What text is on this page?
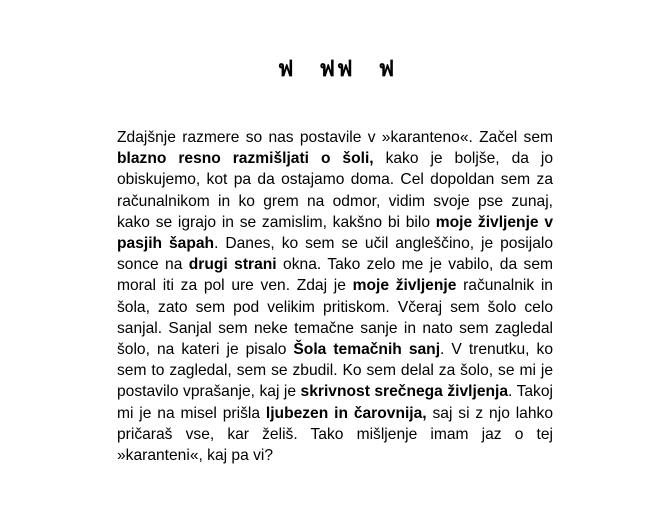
ฟ ฟฟ ฟ

Zdajšnje razmere so nas postavile v »karanteno«. Začel sem blazno resno razmišljati o šoli, kako je boljše, da jo obiskujemo, kot pa da ostajamo doma. Cel dopoldan sem za računalnikom in ko grem na odmor, vidim svoje pse zunaj, kako se igrajo in se zamislim, kakšno bi bilo moje življenje v pasjih šapah. Danes, ko sem se učil angleščino, je posijalo sonce na drugi strani okna. Tako zelo me je vabilo, da sem moral iti za pol ure ven. Zdaj je moje življenje računalnik in šola, zato sem pod velikim pritiskom. Včeraj sem šolo celo sanjal. Sanjal sem neke temačne sanje in nato sem zagledal šolo, na kateri je pisalo Šola temačnih sanj. V trenutku, ko sem to zagledal, sem se zbudil. Ko sem delal za šolo, se mi je postavilo vprašanje, kaj je skrivnost srečnega življenja. Takoj mi je na misel prišla ljubezen in čarovnija, saj si z njo lahko pričaraš vse, kar želiš. Tako mišljenje imam jaz o tej »karanteni«, kaj pa vi?
